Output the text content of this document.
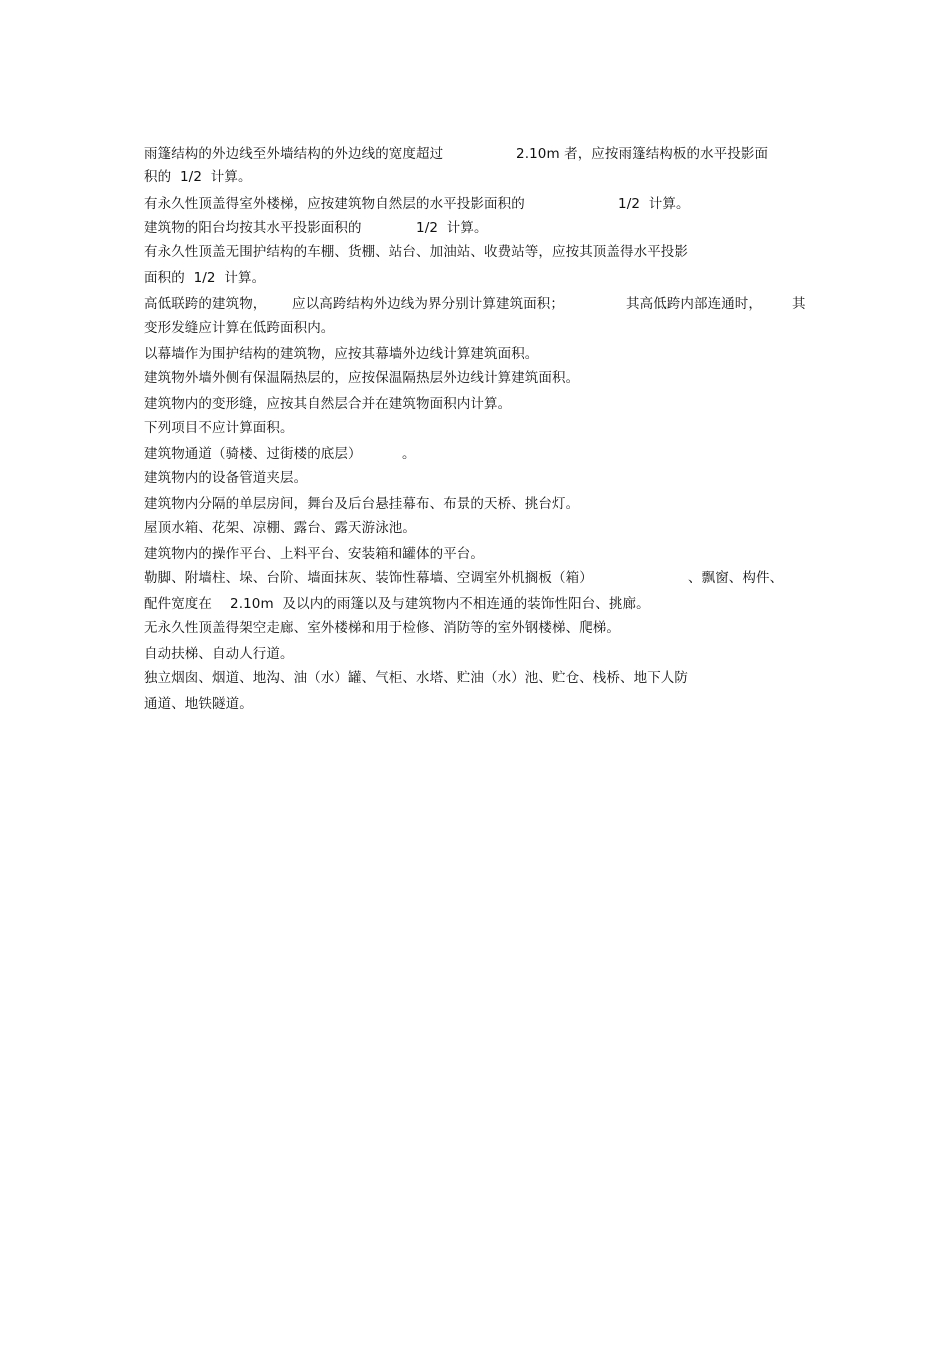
雨篷结构的外边线至外墙结构的外边线的宽度超过

	2.10m 者，应按雨篷结构板的水平投影面

积的  1/2  计算。

有永久性顶盖得室外楼梯，应按建筑物自然层的水平投影面积的

	1/2  计算。

建筑物的阳台均按其水平投影面积的

	1/2  计算。

有永久性顶盖无围护结构的车棚、货棚、站台、加油站、收费站等，应按其顶盖得水平投影

面积的  1/2  计算。

高低联跨的建筑物，

应以高跨结构外边线为界分别计算建筑面积；

	其高低跨内部连通时，

其

变形发缝应计算在低跨面积内。

以幕墙作为围护结构的建筑物，应按其幕墙外边线计算建筑面积。

建筑物外墙外侧有保温隔热层的，应按保温隔热层外边线计算建筑面积。

建筑物内的变形缝，应按其自然层合并在建筑物面积内计算。

下列项目不应计算面积。

建筑物通道（骑楼、过街楼的底层）

	。

建筑物内的设备管道夹层。

建筑物内分隔的单层房间，舞台及后台悬挂幕布、布景的天桥、挑台灯。

屋顶水箱、花架、凉棚、露台、露天游泳池。

建筑物内的操作平台、上料平台、安装箱和罐体的平台。

勒脚、附墙柱、垛、台阶、墙面抹灰、装饰性幕墙、空调室外机搁板（箱）

	、飘窗、构件、

配件宽度在

2.10m  及以内的雨篷以及与建筑物内不相连通的装饰性阳台、挑廊。

无永久性顶盖得架空走廊、室外楼梯和用于检修、消防等的室外钢楼梯、爬梯。

自动扶梯、自动人行道。

独立烟囱、烟道、地沟、油（水）罐、气柜、水塔、贮油（水）池、贮仓、栈桥、地下人防

通道、地铁隧道。
